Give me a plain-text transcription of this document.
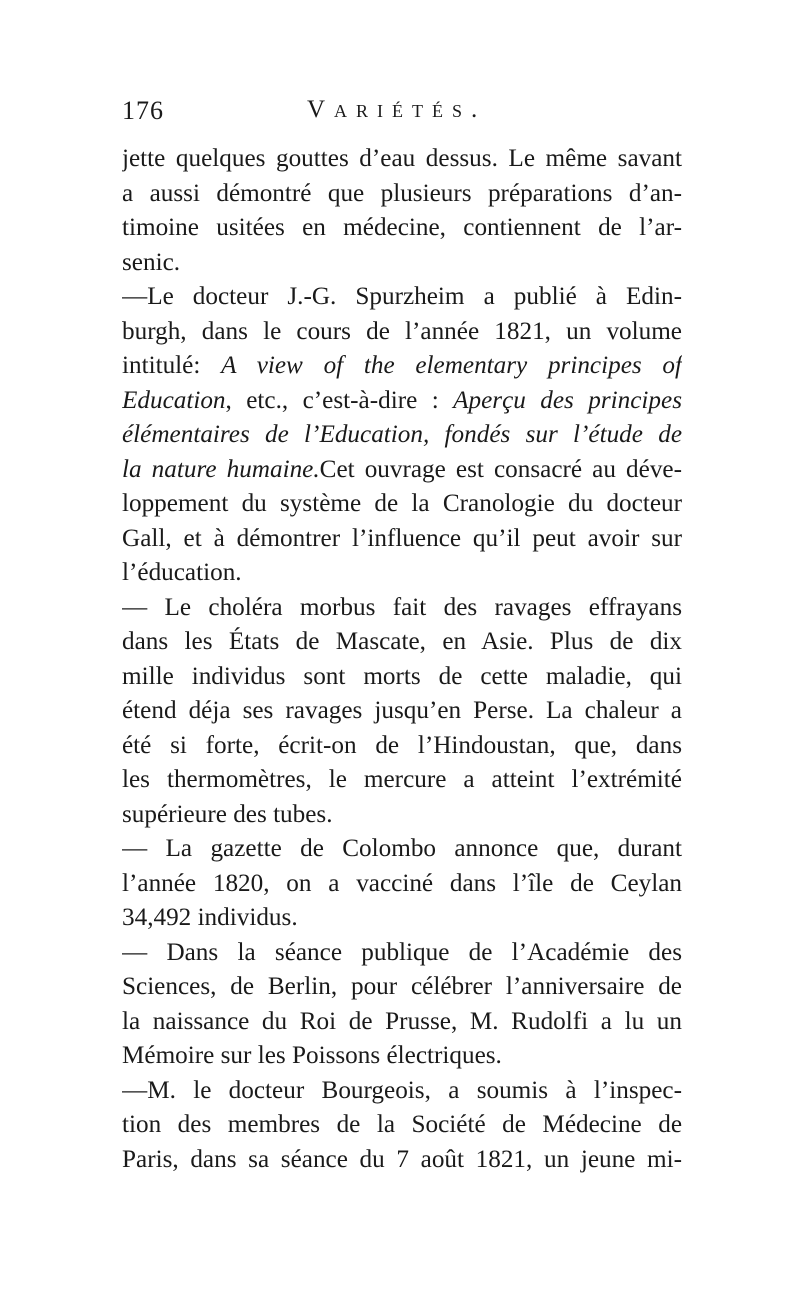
176	Variétés.
jette quelques gouttes d’eau dessus. Le même savant
a aussi démontré que plusieurs préparations d’an-
timoine usitées en médecine, contiennent de l’ar-
senic.
—Le docteur J.-G. Spurzheim a publié à Edin-
burgh, dans le cours de l’année 1821, un volume
intitulé: A view of the elementary principes of
Education, etc., c’est-à-dire : Aperçu des principes
élémentaires de l’Education, fondés sur l’étude de
la nature humaine.Cet ouvrage est consacré au déve-
loppement du système de la Cranologie du docteur
Gall, et à démontrer l’influence qu’il peut avoir sur
l’éducation.
— Le choléra morbus fait des ravages effrayans
dans les États de Mascate, en Asie. Plus de dix
mille individus sont morts de cette maladie, qui
étend déja ses ravages jusqu’en Perse. La chaleur a
été si forte, écrit-on de l’Hindoustan, que, dans
les thermomètres, le mercure a atteint l’extrémité
supérieure des tubes.
— La gazette de Colombo annonce que, durant
l’année 1820, on a vacciné dans l’île de Ceylan
34,492 individus.
— Dans la séance publique de l’Académie des
Sciences, de Berlin, pour célébrer l’anniversaire de
la naissance du Roi de Prusse, M. Rudolfi a lu un
Mémoire sur les Poissons électriques.
—M. le docteur Bourgeois, a soumis à l’inspec-
tion des membres de la Société de Médecine de
Paris, dans sa séance du 7 août 1821, un jeune mi-
